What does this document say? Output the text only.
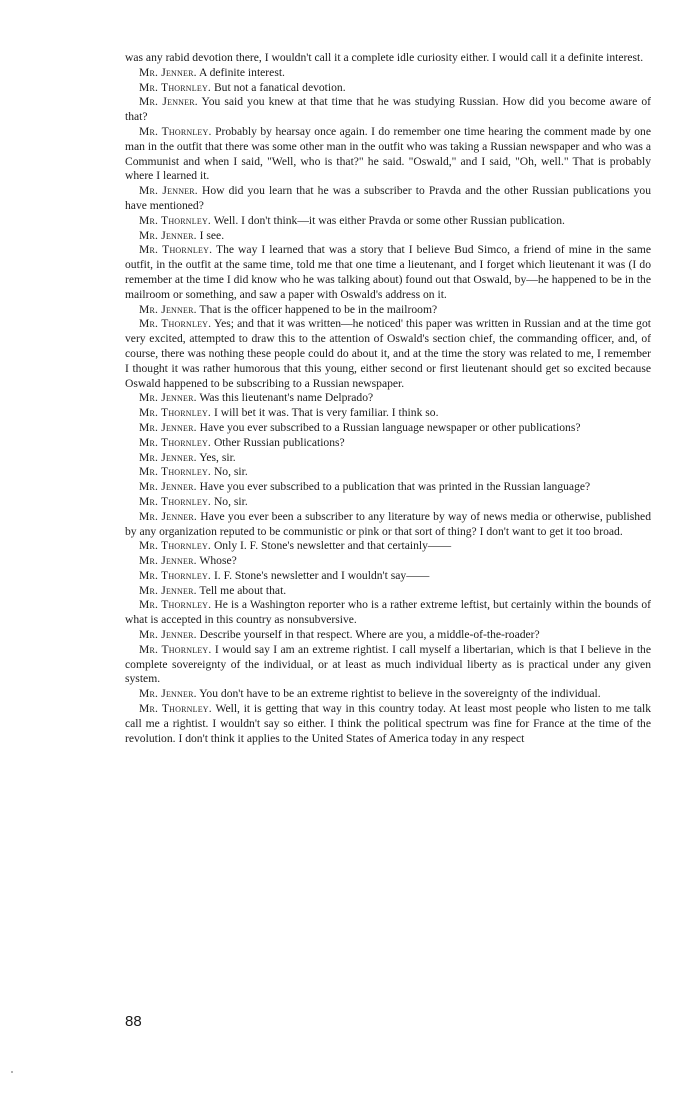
was any rabid devotion there, I wouldn't call it a complete idle curiosity either. I would call it a definite interest.

Mr. Jenner. A definite interest.

Mr. Thornley. But not a fanatical devotion.

Mr. Jenner. You said you knew at that time that he was studying Russian. How did you become aware of that?

Mr. Thornley. Probably by hearsay once again. I do remember one time hearing the comment made by one man in the outfit that there was some other man in the outfit who was taking a Russian newspaper and who was a Communist and when I said, "Well, who is that?" he said. "Oswald," and I said, "Oh, well." That is probably where I learned it.

Mr. Jenner. How did you learn that he was a subscriber to Pravda and the other Russian publications you have mentioned?

Mr. Thornley. Well. I don't think—it was either Pravda or some other Russian publication.

Mr. Jenner. I see.

Mr. Thornley. The way I learned that was a story that I believe Bud Simco, a friend of mine in the same outfit, in the outfit at the same time, told me that one time a lieutenant, and I forget which lieutenant it was (I do remember at the time I did know who he was talking about) found out that Oswald, by—he happened to be in the mailroom or something, and saw a paper with Oswald's address on it.

Mr. Jenner. That is the officer happened to be in the mailroom?

Mr. Thornley. Yes; and that it was written—he noticed' this paper was written in Russian and at the time got very excited, attempted to draw this to the attention of Oswald's section chief, the commanding officer, and, of course, there was nothing these people could do about it, and at the time the story was related to me, I remember I thought it was rather humorous that this young, either second or first lieutenant should get so excited because Oswald happened to be subscribing to a Russian newspaper.

Mr. Jenner. Was this lieutenant's name Delprado?

Mr. Thornley. I will bet it was. That is very familiar. I think so.

Mr. Jenner. Have you ever subscribed to a Russian language newspaper or other publications?

Mr. Thornley. Other Russian publications?

Mr. Jenner. Yes, sir.

Mr. Thornley. No, sir.

Mr. Jenner. Have you ever subscribed to a publication that was printed in the Russian language?

Mr. Thornley. No, sir.

Mr. Jenner. Have you ever been a subscriber to any literature by way of news media or otherwise, published by any organization reputed to be communistic or pink or that sort of thing? I don't want to get it too broad.

Mr. Thornley. Only I. F. Stone's newsletter and that certainly——

Mr. Jenner. Whose?

Mr. Thornley. I. F. Stone's newsletter and I wouldn't say——

Mr. Jenner. Tell me about that.

Mr. Thornley. He is a Washington reporter who is a rather extreme leftist, but certainly within the bounds of what is accepted in this country as nonsubversive.

Mr. Jenner. Describe yourself in that respect. Where are you, a middle-of-the-roader?

Mr. Thornley. I would say I am an extreme rightist. I call myself a libertarian, which is that I believe in the complete sovereignty of the individual, or at least as much individual liberty as is practical under any given system.

Mr. Jenner. You don't have to be an extreme rightist to believe in the sovereignty of the individual.

Mr. Thornley. Well, it is getting that way in this country today. At least most people who listen to me talk call me a rightist. I wouldn't say so either. I think the political spectrum was fine for France at the time of the revolution. I don't think it applies to the United States of America today in any respect

88
